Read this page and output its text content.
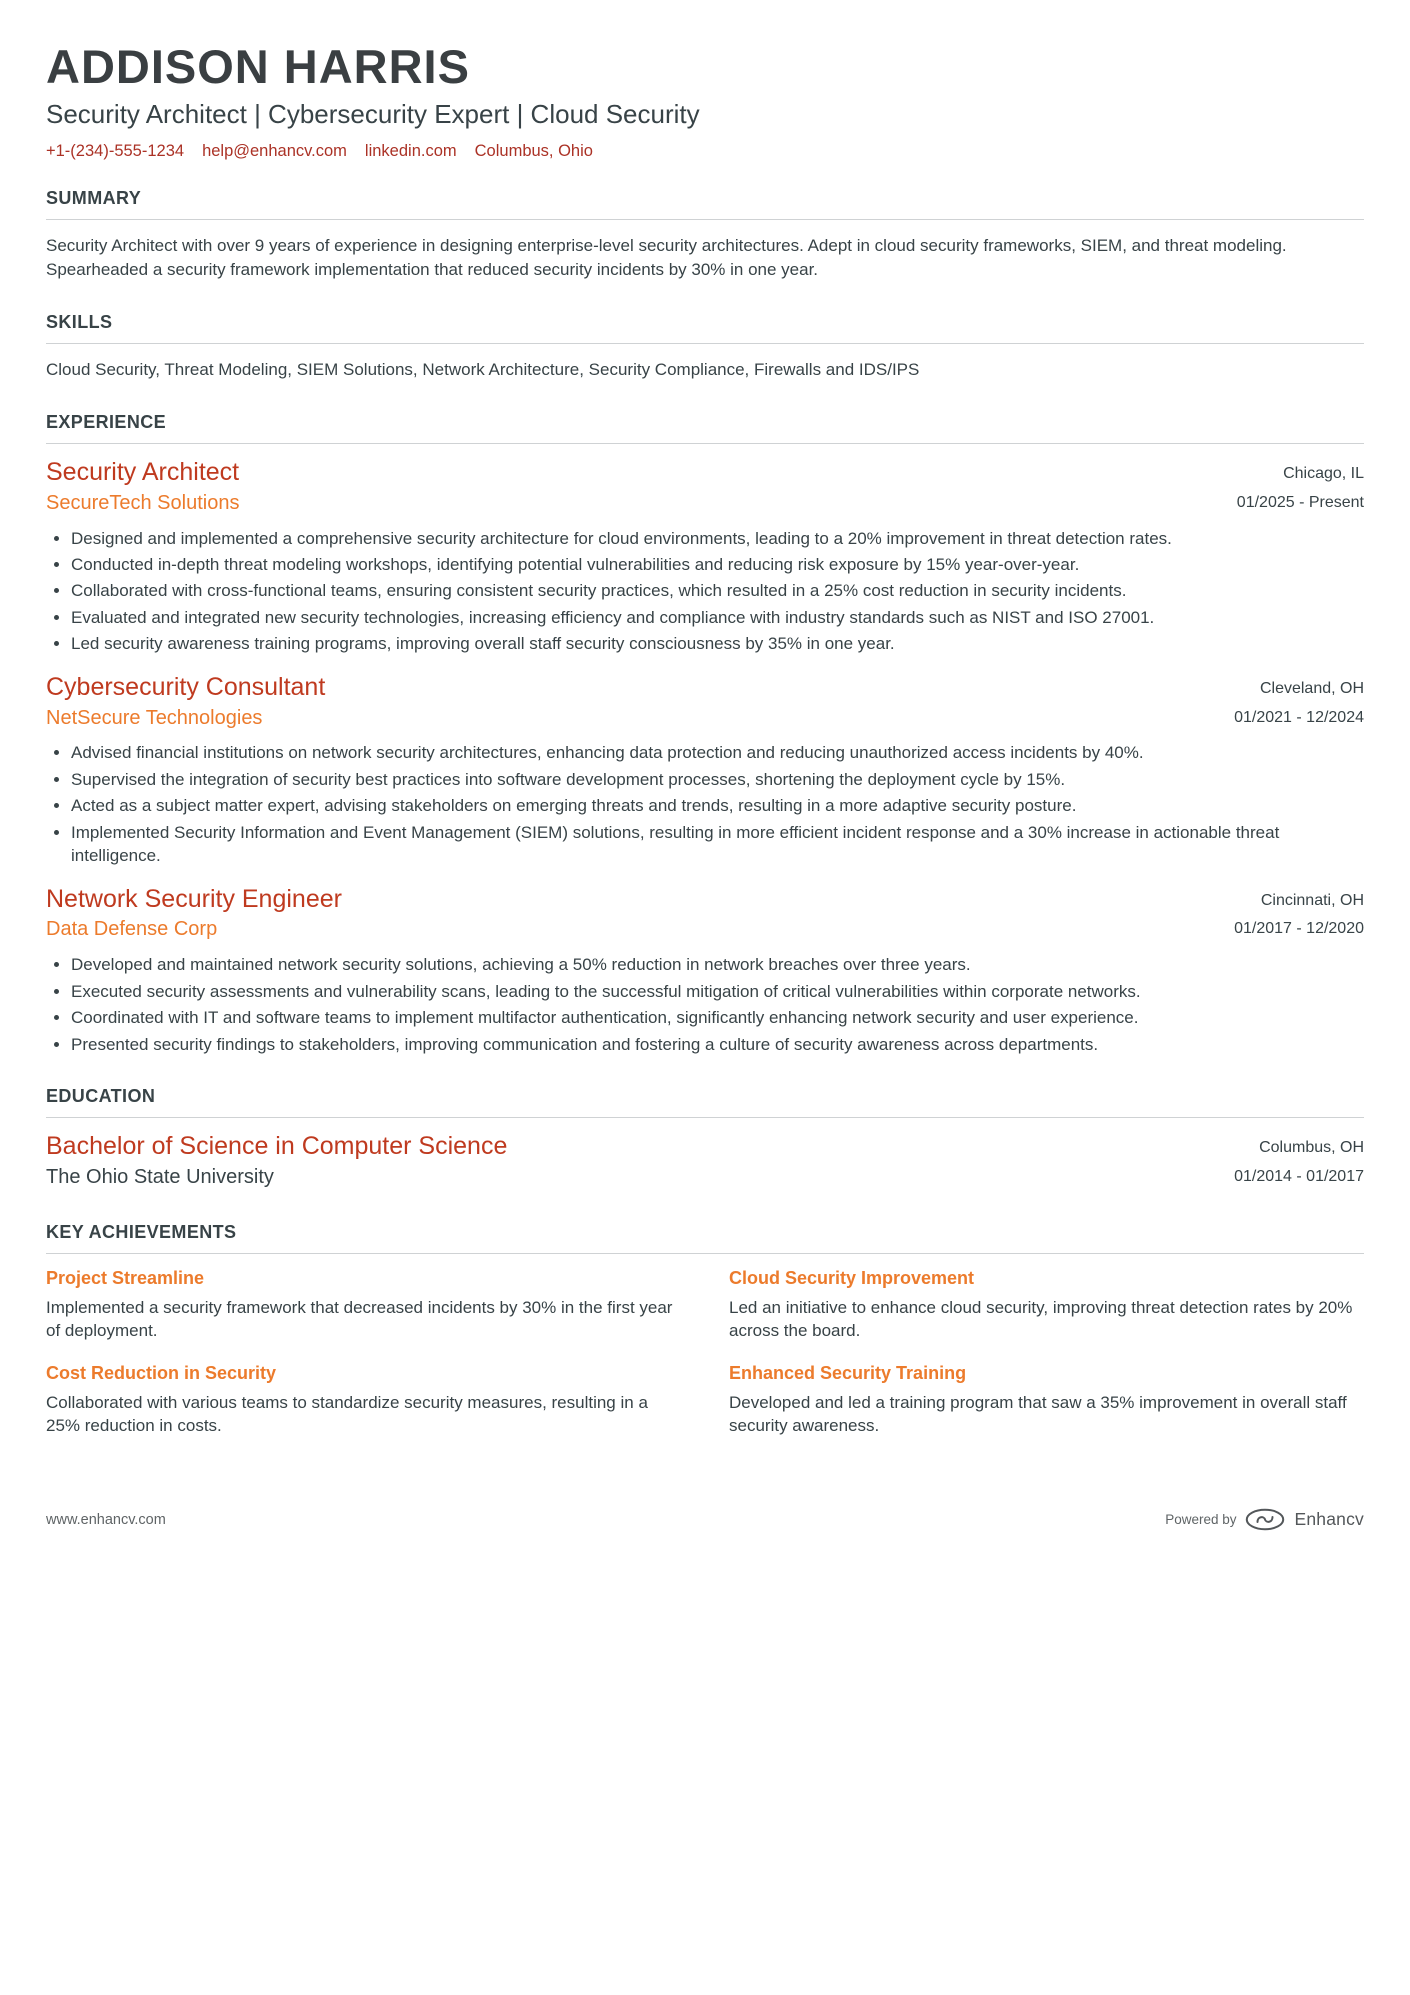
ADDISON HARRIS
Security Architect | Cybersecurity Expert | Cloud Security
+1-(234)-555-1234 help@enhancv.com linkedin.com Columbus, Ohio
SUMMARY

Security Architect with over 9 years of experience in designing enterprise-level security architectures. Adept in cloud security frameworks, SIEM, and threat modeling. Spearheaded a security framework implementation that reduced security incidents by 30% in one year.

SKILLS

Cloud Security, Threat Modeling, SIEM Solutions, Network Architecture, Security Compliance, Firewalls and IDS/IPS

EXPERIENCE
Security Architect
SecureTech Solutions
Chicago, IL
01/2025 - Present
• Designed and implemented a comprehensive security architecture for cloud environments, leading to a 20% improvement in threat detection rates.
• Conducted in-depth threat modeling workshops, identifying potential vulnerabilities and reducing risk exposure by 15% year-over-year.
• Collaborated with cross-functional teams, ensuring consistent security practices, which resulted in a 25% cost reduction in security incidents.
• Evaluated and integrated new security technologies, increasing efficiency and compliance with industry standards such as NIST and ISO 27001.
• Led security awareness training programs, improving overall staff security consciousness by 35% in one year.
Cybersecurity Consultant
NetSecure Technologies
Cleveland, OH
01/2021 - 12/2024
• Advised financial institutions on network security architectures, enhancing data protection and reducing unauthorized access incidents by 40%.
• Supervised the integration of security best practices into software development processes, shortening the deployment cycle by 15%.
• Acted as a subject matter expert, advising stakeholders on emerging threats and trends, resulting in a more adaptive security posture.
• Implemented Security Information and Event Management (SIEM) solutions, resulting in more efficient incident response and a 30% increase in actionable threat intelligence.
Network Security Engineer
Data Defense Corp
Cincinnati, OH
01/2017 - 12/2020
• Developed and maintained network security solutions, achieving a 50% reduction in network breaches over three years.
• Executed security assessments and vulnerability scans, leading to the successful mitigation of critical vulnerabilities within corporate networks.
• Coordinated with IT and software teams to implement multifactor authentication, significantly enhancing network security and user experience.
• Presented security findings to stakeholders, improving communication and fostering a culture of security awareness across departments.
EDUCATION
Bachelor of Science in Computer Science
The Ohio State University
Columbus, OH
01/2014 - 01/2017
KEY ACHIEVEMENTS
Project Streamline

Implemented a security framework that decreased incidents by 30% in the first year of deployment.

Cloud Security Improvement

Led an initiative to enhance cloud security, improving threat detection rates by 20% across the board.

Cost Reduction in Security

Collaborated with various teams to standardize security measures, resulting in a 25% reduction in costs.

Enhanced Security Training

Developed and led a training program that saw a 35% improvement in overall staff security awareness.

www.enhancv.com	Powered by	Enhancv
